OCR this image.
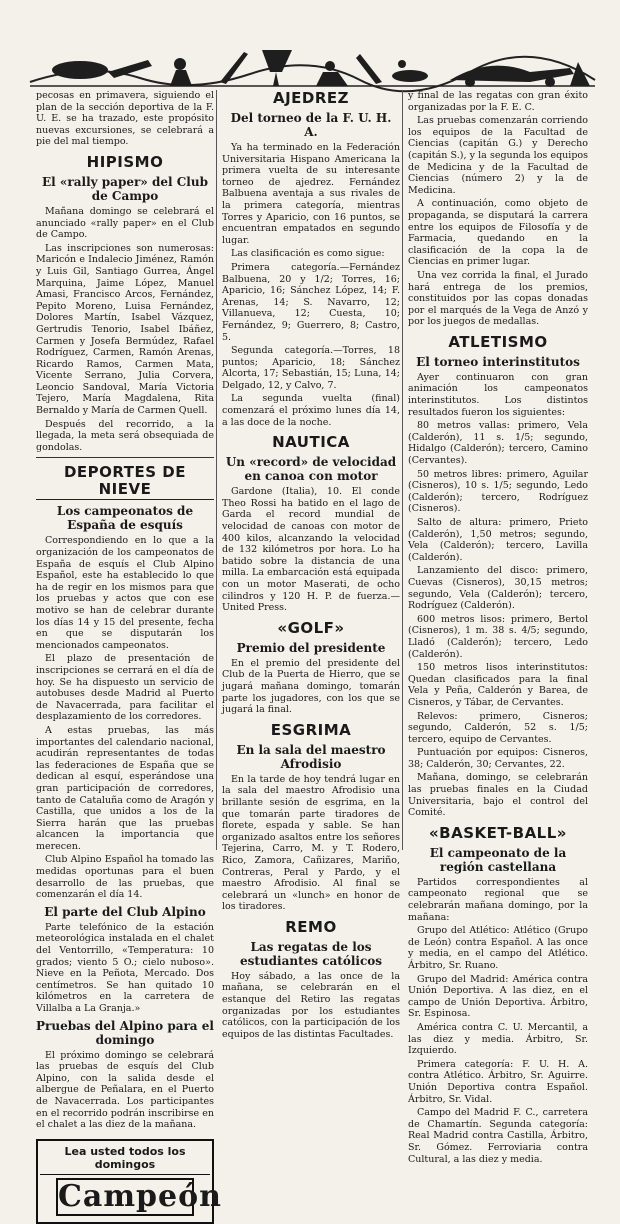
pecosas en primavera, siguiendo el plan de la sección deportiva de la F. U. E. se ha trazado, este propósito nuevas excursiones, se celebrará a pie del mal tiempo.

HIPISMO
El «rally paper» del Club de Campo

Mañana domingo se celebrará el anunciado «rally paper» en el Club de Campo.

Las inscripciones son numerosas: Maricón e Indalecio Jiménez, Ramón y Luis Gil, Santiago Gurrea, Ángel Marquina, Jaime López, Manuel Amasi, Francisco Arcos, Fernández, Pepito Moreno, Luisa Fernández, Dolores Martín, Isabel Vázquez, Gertrudis Tenorio, Isabel Ibáñez, Carmen y Josefa Bermúdez, Rafael Rodríguez, Carmen, Ramón Arenas, Ricardo Ramos, Carmen Mata, Vicente Serrano, Julia Corvera, Leoncio Sandoval, María Victoria Tejero, María Magdalena, Rita Bernaldo y María de Carmen Quell.

Después del recorrido, a la llegada, la meta será obsequiada de gondolas.

DEPORTES DE NIEVE
Los campeonatos de España de esquís

Correspondiendo en lo que a la organización de los campeonatos de España de esquís el Club Alpino Español, este ha establecido lo que ha de regir en los mismos para que los pruebas y actos que con ese motivo se han de celebrar durante los días 14 y 15 del presente, fecha en que se disputarán los mencionados campeonatos.

El plazo de presentación de inscripciones se cerrará en el día de hoy. Se ha dispuesto un servicio de autobuses desde Madrid al Puerto de Navacerrada, para facilitar el desplazamiento de los corredores.

A estas pruebas, las más importantes del calendario nacional, acudirán representantes de todas las federaciones de España que se dedican al esquí, esperándose una gran participación de corredores, tanto de Cataluña como de Aragón y Castilla, que unidos a los de la Sierra harán que las pruebas alcancen la importancia que merecen.

Club Alpino Español ha tomado las medidas oportunas para el buen desarrollo de las pruebas, que comenzarán el día 14.

El parte del Club Alpino

Parte telefónico de la estación meteorológica instalada en el chalet del Ventorrillo, «Temperatura: 10 grados; viento 5 O.; cielo nuboso». Nieve en la Peñota, Mercado. Dos centímetros. Se han quitado 10 kilómetros en la carretera de Villalba a La Granja.»

Pruebas del Alpino para el domingo

El próximo domingo se celebrará las pruebas de esquís del Club Alpino, con la salida desde el albergue de Peñalara, en el Puerto de Navacerrada. Los participantes en el recorrido podrán inscribirse en el chalet a las diez de la mañana.

Lea usted todos los domingos
Campeón
AJEDREZ
Del torneo de la F. U. H. A.

Ya ha terminado en la Federación Universitaria Hispano Americana la primera vuelta de su interesante torneo de ajedrez. Fernández Balbuena aventaja a sus rivales de la primera categoría, mientras Torres y Aparicio, con 16 puntos, se encuentran empatados en segundo lugar.

Las clasificación es como sigue:

Primera categoría.—Fernández Balbuena, 20 y 1/2; Torres, 16; Aparicio, 16; Sánchez López, 14; F. Arenas, 14; S. Navarro, 12; Villanueva, 12; Cuesta, 10; Fernández, 9; Guerrero, 8; Castro, 5.

Segunda categoría.—Torres, 18 puntos; Aparicio, 18; Sánchez Alcorta, 17; Sebastián, 15; Luna, 14; Delgado, 12, y Calvo, 7.

La segunda vuelta (final) comenzará el próximo lunes día 14, a las doce de la noche.

NAUTICA
Un «record» de velocidad en canoa con motor

Gardone (Italia), 10. El conde Theo Rossi ha batido en el lago de Garda el record mundial de velocidad de canoas con motor de 400 kilos, alcanzando la velocidad de 132 kilómetros por hora. Lo ha batido sobre la distancia de una milla. La embarcación está equipada con un motor Maserati, de ocho cilindros y 120 H. P. de fuerza.—United Press.

«GOLF»
Premio del presidente

En el premio del presidente del Club de la Puerta de Hierro, que se jugará mañana domingo, tomarán parte los jugadores, con los que se jugará la final.

ESGRIMA
En la sala del maestro Afrodisio

En la tarde de hoy tendrá lugar en la sala del maestro Afrodisio una brillante sesión de esgrima, en la que tomarán parte tiradores de florete, espada y sable. Se han organizado asaltos entre los señores Tejerina, Carro, M. y T. Rodero, Rico, Zamora, Cañizares, Mariño, Contreras, Peral y Pardo, y el maestro Afrodisio. Al final se celebrará un «lunch» en honor de los tiradores.

REMO
Las regatas de los estudiantes católicos

Hoy sábado, a las once de la mañana, se celebrarán en el estanque del Retiro las regatas organizadas por los estudiantes católicos, con la participación de los equipos de las distintas Facultades.

y final de las regatas con gran éxito organizadas por la F. E. C.

Las pruebas comenzarán corriendo los equipos de la Facultad de Ciencias (capitán G.) y Derecho (capitán S.), y la segunda los equipos de Medicina y de la Facultad de Ciencias (número 2) y la de Medicina.

A continuación, como objeto de propaganda, se disputará la carrera entre los equipos de Filosofía y de Farmacia, quedando en la clasificación de la copa la de Ciencias en primer lugar.

Una vez corrida la final, el Jurado hará entrega de los premios, constituidos por las copas donadas por el marqués de la Vega de Anzó y por los juegos de medallas.

ATLETISMO
El torneo interinstitutos

Ayer continuaron con gran animación los campeonatos interinstitutos. Los distintos resultados fueron los siguientes:

80 metros vallas: primero, Vela (Calderón), 11 s. 1/5; segundo, Hidalgo (Calderón); tercero, Camino (Cervantes).

50 metros libres: primero, Aguilar (Cisneros), 10 s. 1/5; segundo, Ledo (Calderón); tercero, Rodríguez (Cisneros).

Salto de altura: primero, Prieto (Calderón), 1,50 metros; segundo, Vela (Calderón); tercero, Lavilla (Calderón).

Lanzamiento del disco: primero, Cuevas (Cisneros), 30,15 metros; segundo, Vela (Calderón); tercero, Rodríguez (Calderón).

600 metros lisos: primero, Bertol (Cisneros), 1 m. 38 s. 4/5; segundo, Lladó (Calderón); tercero, Ledo (Calderón).

150 metros lisos interinstitutos: Quedan clasificados para la final Vela y Peña, Calderón y Barea, de Cisneros, y Tábar, de Cervantes.

Relevos: primero, Cisneros; segundo, Calderón, 52 s. 1/5; tercero, equipo de Cervantes.

Puntuación por equipos: Cisneros, 38; Calderón, 30; Cervantes, 22.

Mañana, domingo, se celebrarán las pruebas finales en la Ciudad Universitaria, bajo el control del Comité.

«BASKET-BALL»
El campeonato de la región castellana

Partidos correspondientes al campeonato regional que se celebrarán mañana domingo, por la mañana:

Grupo del Atlético: Atlético (Grupo de León) contra Español. A las once y media, en el campo del Atlético. Árbitro, Sr. Ruano.

Grupo del Madrid: América contra Unión Deportiva. A las diez, en el campo de Unión Deportiva. Árbitro, Sr. Espinosa.

América contra C. U. Mercantil, a las diez y media. Árbitro, Sr. Izquierdo.

Primera categoría: F. U. H. A. contra Atlético. Árbitro, Sr. Aguirre. Unión Deportiva contra Español. Árbitro, Sr. Vidal.

Campo del Madrid F. C., carretera de Chamartín. Segunda categoría: Real Madrid contra Castilla, Árbitro, Sr. Gómez. Ferroviaria contra Cultural, a las diez y media.
